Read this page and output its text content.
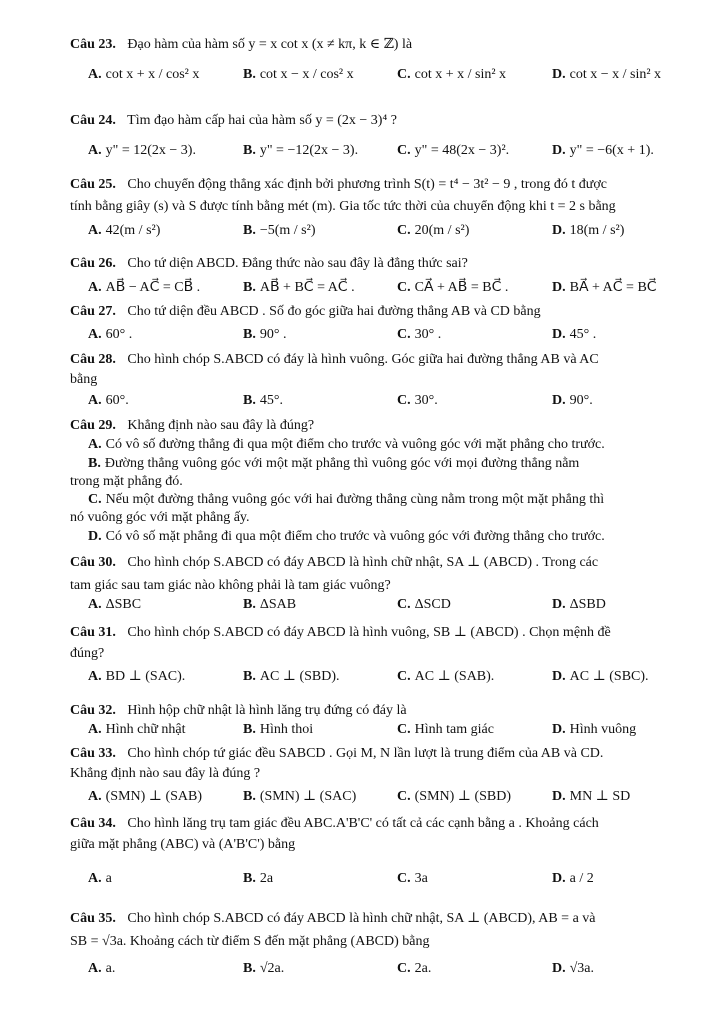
Câu 23. Đạo hàm của hàm số y = x cot x (x ≠ kπ, k ∈ ℤ) là
A. cot x + x / cos² x	B. cot x − x / cos² x	C. cot x + x / sin² x	D. cot x − x / sin² x
Câu 24. Tìm đạo hàm cấp hai của hàm số y = (2x − 3)⁴ ?
A. y" = 12(2x − 3).	B. y" = −12(2x − 3).	C. y" = 48(2x − 3)².	D. y" = −6(x + 1).
Câu 25. Cho chuyển động thẳng xác định bởi phương trình S(t) = t⁴ − 3t² − 9 , trong đó t được
tính bằng giây (s) và S được tính bằng mét (m). Gia tốc tức thời của chuyển động khi t = 2 s bằng
A. 42(m / s²)	B. −5(m / s²)	C. 20(m / s²)	D. 18(m / s²)
Câu 26. Cho tứ diện ABCD. Đẳng thức nào sau đây là đẳng thức sai?
A. AB⃗ − AC⃗ = CB⃗ .	B. AB⃗ + BC⃗ = AC⃗ .	C. CA⃗ + AB⃗ = BC⃗ .	D. BA⃗ + AC⃗ = BC⃗
Câu 27. Cho tứ diện đều ABCD . Số đo góc giữa hai đường thẳng AB và CD bằng
A. 60° .	B. 90° .	C. 30° .	D. 45° .
Câu 28. Cho hình chóp S.ABCD có đáy là hình vuông. Góc giữa hai đường thẳng AB và AC
bằng
A. 60°.	B. 45°.	C. 30°.	D. 90°.
Câu 29. Khẳng định nào sau đây là đúng?
A. Có vô số đường thẳng đi qua một điểm cho trước và vuông góc với mặt phẳng cho trước.
B. Đường thẳng vuông góc với một mặt phẳng thì vuông góc với mọi đường thẳng nằm
trong mặt phẳng đó.
C. Nếu một đường thẳng vuông góc với hai đường thẳng cùng nằm trong một mặt phẳng thì
nó vuông góc với mặt phẳng ấy.
D. Có vô số mặt phẳng đi qua một điểm cho trước và vuông góc với đường thẳng cho trước.
Câu 30. Cho hình chóp S.ABCD có đáy ABCD là hình chữ nhật, SA ⊥ (ABCD) . Trong các
tam giác sau tam giác nào không phải là tam giác vuông?
A. ΔSBC	B. ΔSAB	C. ΔSCD	D. ΔSBD
Câu 31. Cho hình chóp S.ABCD có đáy ABCD là hình vuông, SB ⊥ (ABCD) . Chọn mệnh đề
đúng?
A. BD ⊥ (SAC).	B. AC ⊥ (SBD).	C. AC ⊥ (SAB).	D. AC ⊥ (SBC).
Câu 32. Hình hộp chữ nhật là hình lăng trụ đứng có đáy là
A. Hình chữ nhật	B. Hình thoi	C. Hình tam giác	D. Hình vuông
Câu 33. Cho hình chóp tứ giác đều SABCD . Gọi M, N lần lượt là trung điểm của AB và CD.
Khẳng định nào sau đây là đúng ?
A. (SMN) ⊥ (SAB)	B. (SMN) ⊥ (SAC)	C. (SMN) ⊥ (SBD)	D. MN ⊥ SD
Câu 34. Cho hình lăng trụ tam giác đều ABC.A'B'C' có tất cả các cạnh bằng a . Khoảng cách
giữa mặt phẳng (ABC) và (A'B'C') bằng
A. a	B. 2a	C. 3a	D. a / 2
Câu 35. Cho hình chóp S.ABCD có đáy ABCD là hình chữ nhật, SA ⊥ (ABCD), AB = a và
SB = √3a. Khoảng cách từ điểm S đến mặt phẳng (ABCD) bằng
A. a.	B. √2a.	C. 2a.	D. √3a.
